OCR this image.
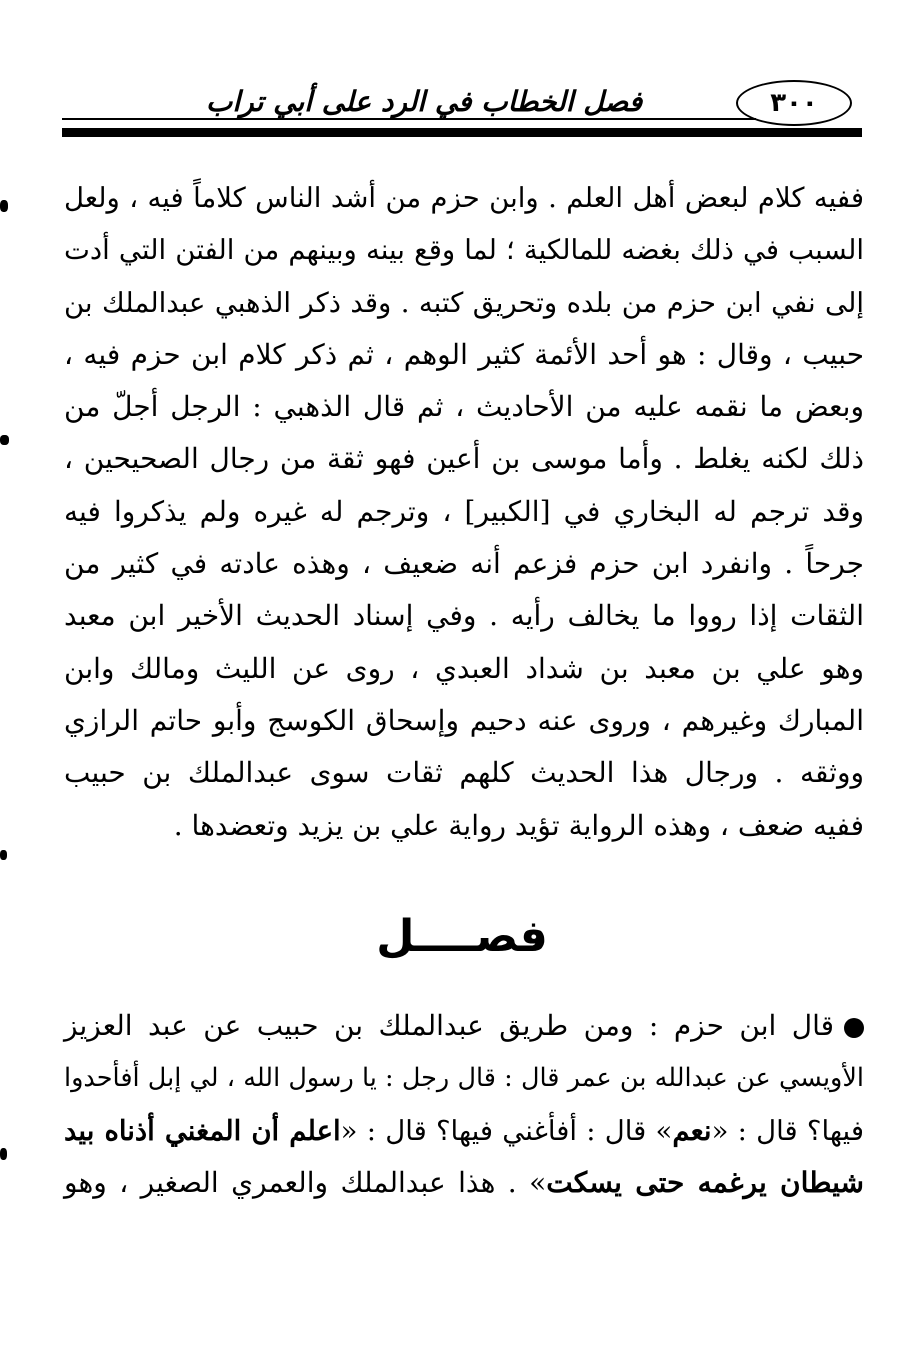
فصل الخطاب في الرد على أبي تراب	٣٠٠
ففيه كلام لبعض أهل العلم . وابن حزم من أشد الناس كلاماً فيه ، ولعل
السبب في ذلك بغضه للمالكية ؛ لما وقع بينه وبينهم من الفتن التي أدت
إلى نفي ابن حزم من بلده وتحريق كتبه . وقد ذكر الذهبي عبدالملك بن
حبيب ، وقال : هو أحد الأئمة كثير الوهم ، ثم ذكر كلام ابن حزم فيه ،
وبعض ما نقمه عليه من الأحاديث ، ثم قال الذهبي : الرجل أجلّ من
ذلك لكنه يغلط . وأما موسى بن أعين فهو ثقة من رجال الصحيحين ،
وقد ترجم له البخاري في [الكبير] ، وترجم له غيره ولم يذكروا فيه
جرحاً . وانفرد ابن حزم فزعم أنه ضعيف ، وهذه عادته في كثير من
الثقات إذا رووا ما يخالف رأيه . وفي إسناد الحديث الأخير ابن معبد
وهو علي بن معبد بن شداد العبدي ، روى عن الليث ومالك وابن
المبارك وغيرهم ، وروى عنه دحيم وإسحاق الكوسج وأبو حاتم الرازي
ووثقه . ورجال هذا الحديث كلهم ثقات سوى عبدالملك بن حبيب
ففيه ضعف ، وهذه الرواية تؤيد رواية علي بن يزيد وتعضدها .
فصــــل
قال ابن حزم : ومن طريق عبدالملك بن حبيب عن عبد العزيز
الأويسي عن عبدالله بن عمر قال : قال رجل : يا رسول الله ، لي إبل أفأحدوا
فيها؟ قال : «نعم» قال : أفأغني فيها؟ قال : «اعلم أن المغني أذناه بيد
شيطان يرغمه حتى يسكت» . هذا عبدالملك والعمري الصغير ، وهو
